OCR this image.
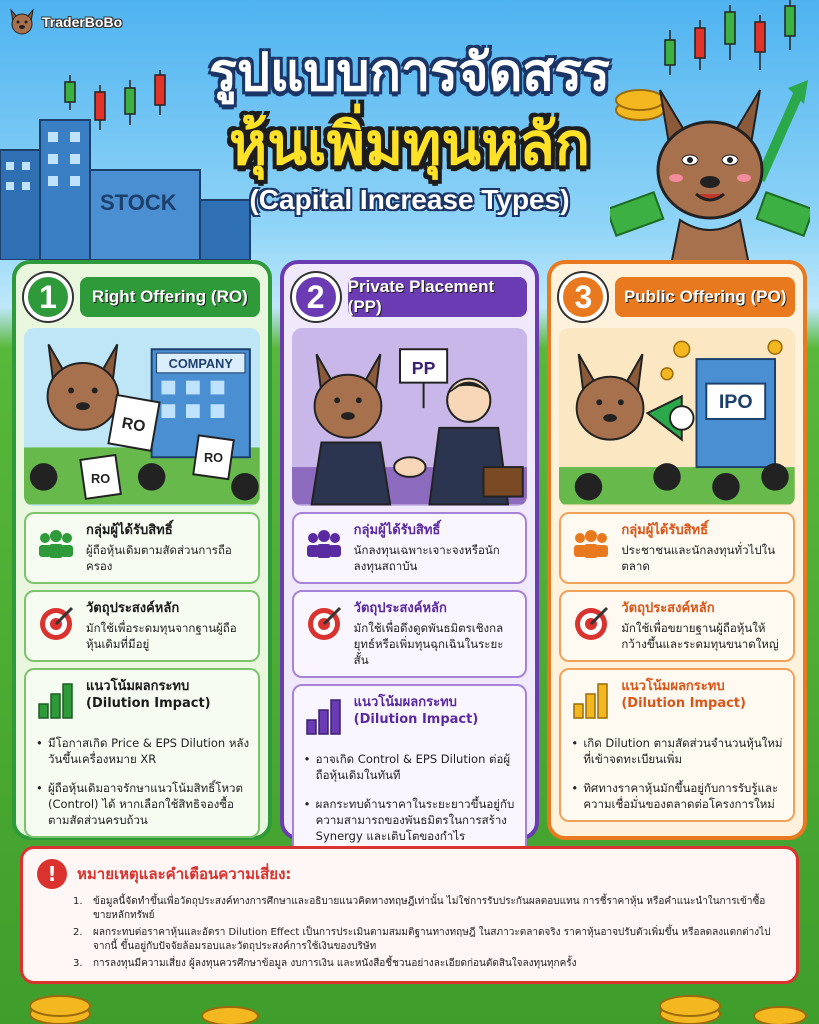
STOCK
TraderBoBo
รูปแบบการจัดสรร
หุ้นเพิ่มทุนหลัก
(Capital Increase Types)
1	Right Offering (RO)
COMPANY
RO
RO
RO
กลุ่มผู้ได้รับสิทธิ์
ผู้ถือหุ้นเดิมตามสัดส่วนการถือครอง
วัตถุประสงค์หลัก
มักใช้เพื่อระดมทุนจากฐานผู้ถือหุ้นเดิมที่มีอยู่
แนวโน้มผลกระทบ
(Dilution Impact)
• มีโอกาสเกิด Price & EPS Dilution หลังวันขึ้นเครื่องหมาย XR
• ผู้ถือหุ้นเดิมอาจรักษาแนวโน้มสิทธิ์โหวต (Control) ได้ หากเลือกใช้สิทธิจองซื้อตามสัดส่วนครบถ้วน
2	Private Placement (PP)
PP
กลุ่มผู้ได้รับสิทธิ์
นักลงทุนเฉพาะเจาะจงหรือนักลงทุนสถาบัน
วัตถุประสงค์หลัก
มักใช้เพื่อดึงดูดพันธมิตรเชิงกลยุทธ์หรือเพิ่มทุนฉุกเฉินในระยะสั้น
แนวโน้มผลกระทบ
(Dilution Impact)
• อาจเกิด Control & EPS Dilution ต่อผู้ถือหุ้นเดิมในทันที
• ผลกระทบด้านราคาในระยะยาวขึ้นอยู่กับความสามารถของพันธมิตรในการสร้าง Synergy และเติบโตของกำไร
3	Public Offering (PO)
IPO
กลุ่มผู้ได้รับสิทธิ์
ประชาชนและนักลงทุนทั่วไปในตลาด
วัตถุประสงค์หลัก
มักใช้เพื่อขยายฐานผู้ถือหุ้นให้กว้างขึ้นและระดมทุนขนาดใหญ่
แนวโน้มผลกระทบ
(Dilution Impact)
• เกิด Dilution ตามสัดส่วนจำนวนหุ้นใหม่ที่เข้าจดทะเบียนเพิ่ม
• ทิศทางราคาหุ้นมักขึ้นอยู่กับการรับรู้และความเชื่อมั่นของตลาดต่อโครงการใหม่
!	หมายเหตุและคำเตือนความเสี่ยง:
1. ข้อมูลนี้จัดทำขึ้นเพื่อวัตถุประสงค์ทางการศึกษาและอธิบายแนวคิดทางทฤษฎีเท่านั้น ไม่ใช่การรับประกันผลตอบแทน การชี้ราคาหุ้น หรือคำแนะนำในการเข้าซื้อขายหลักทรัพย์
2. ผลกระทบต่อราคาหุ้นและอัตรา Dilution Effect เป็นการประเมินตามสมมติฐานทางทฤษฎี ในสภาวะตลาดจริง ราคาหุ้นอาจปรับตัวเพิ่มขึ้น หรือลดลงแตกต่างไปจากนี้ ขึ้นอยู่กับปัจจัยล้อมรอบและวัตถุประสงค์การใช้เงินของบริษัท
3. การลงทุนมีความเสี่ยง ผู้ลงทุนควรศึกษาข้อมูล งบการเงิน และหนังสือชี้ชวนอย่างละเอียดก่อนตัดสินใจลงทุนทุกครั้ง
